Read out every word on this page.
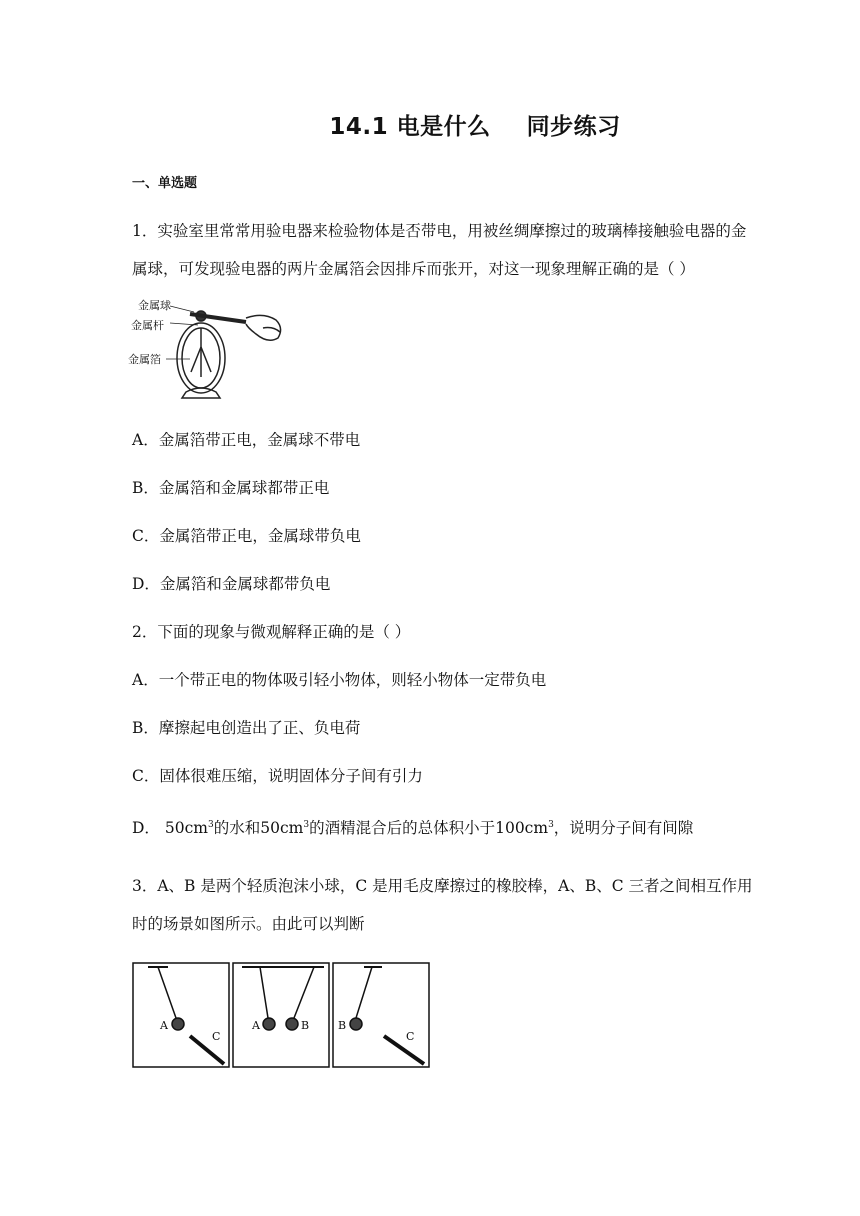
14.1 电是什么 同步练习
一、单选题
1．实验室里常常用验电器来检验物体是否带电，用被丝绸摩擦过的玻璃棒接触验电器的金
属球，可发现验电器的两片金属箔会因排斥而张开，对这一现象理解正确的是（ ）
金属球
金属杆
金属箔
A．金属箔带正电，金属球不带电
B．金属箔和金属球都带正电
C．金属箔带正电，金属球带负电
D．金属箔和金属球都带负电
2．下面的现象与微观解释正确的是（ ）
A．一个带正电的物体吸引轻小物体，则轻小物体一定带负电
B．摩擦起电创造出了正、负电荷
C．固体很难压缩，说明固体分子间有引力
D． $50cm^3$的水和$50cm^3$的酒精混合后的总体积小于$100cm^3$，说明分子间有间隙
3．A、B 是两个轻质泡沫小球，C 是用毛皮摩擦过的橡胶棒，A、B、C 三者之间相互作用
时的场景如图所示。由此可以判断
A
C
A	B	B
C
